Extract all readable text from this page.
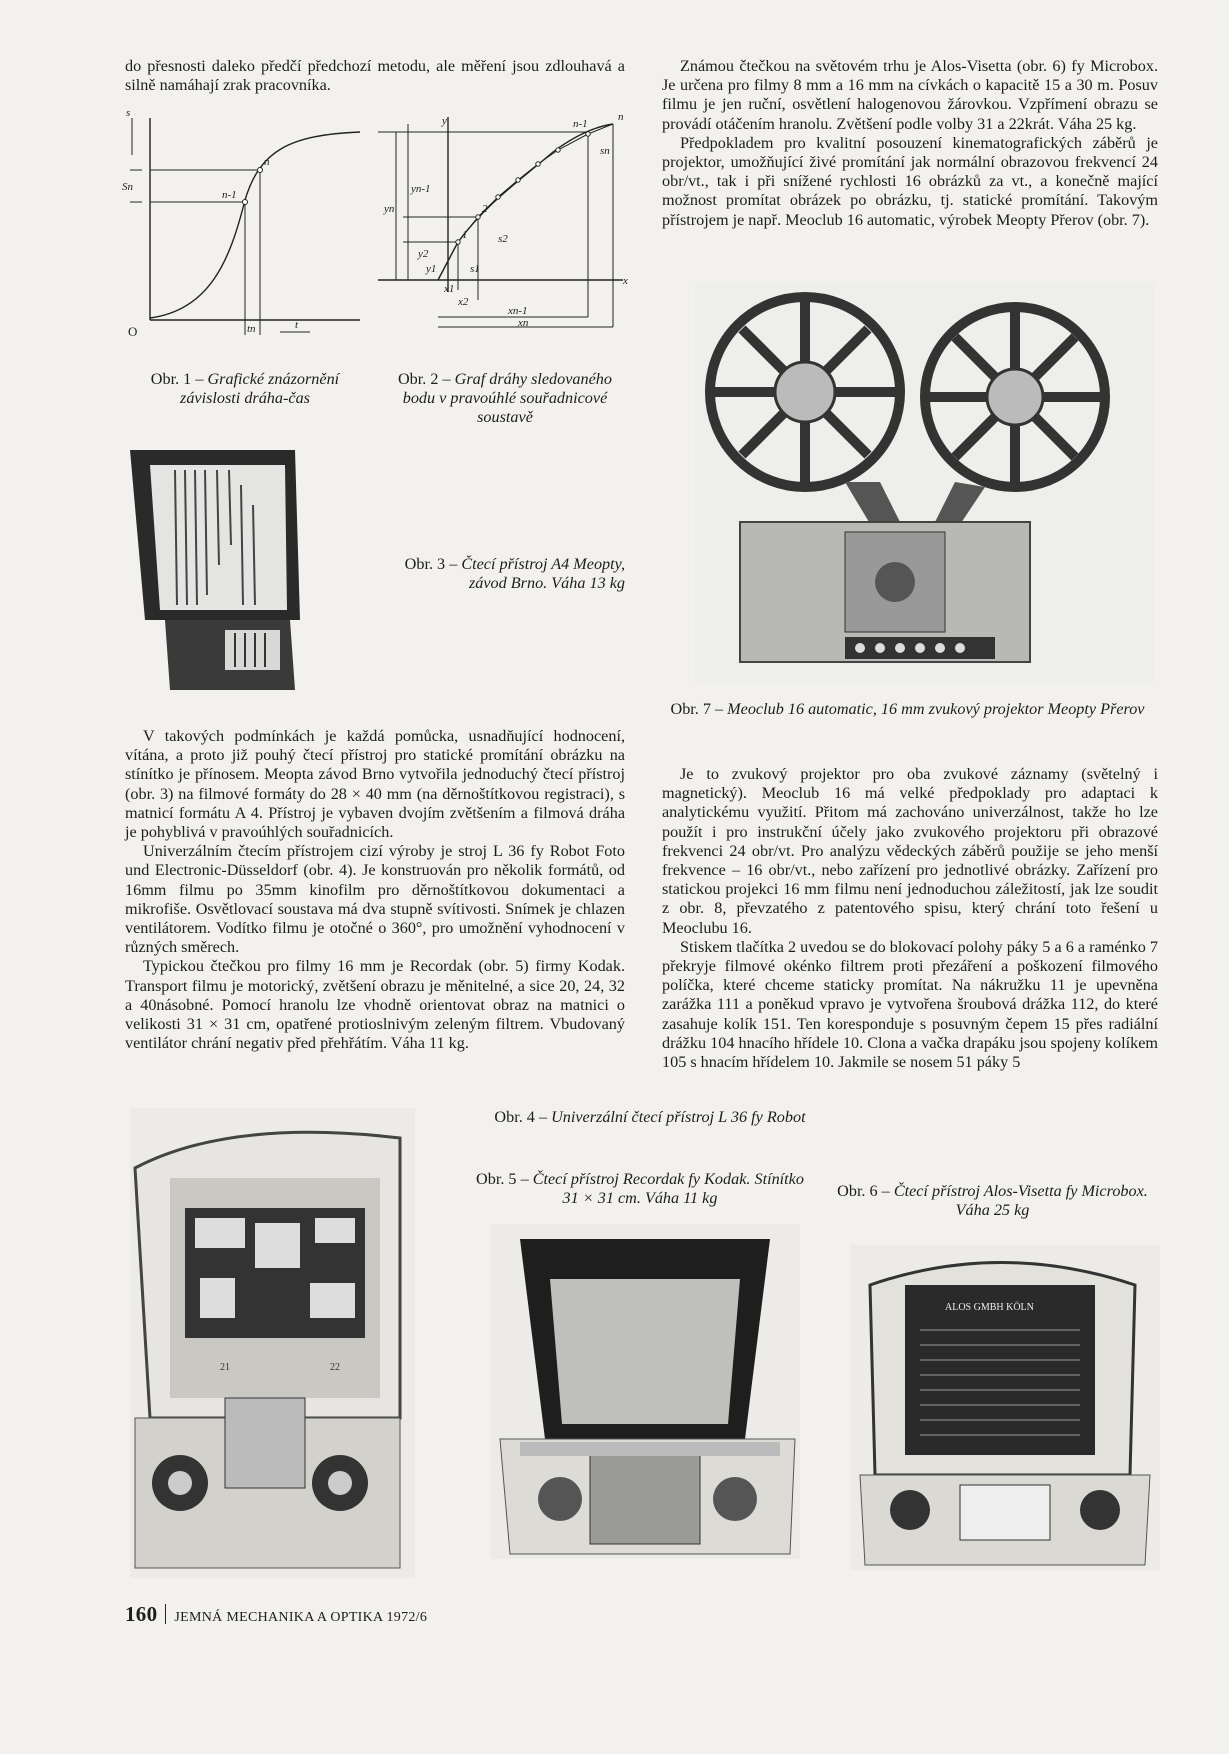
do přesnosti daleko předčí předchozí metodu, ale měření jsou zdlouhavá a silně namáhají zrak pracovníka.

Známou čtečkou na světovém trhu je Alos-Visetta (obr. 6) fy Microbox. Je určena pro filmy 8 mm a 16 mm na cívkách o kapacitě 15 a 30 m. Posuv filmu je jen ruční, osvětlení halogenovou žárovkou. Vzpřímení obrazu se provádí otáčením hranolu. Zvětšení podle volby 31 a 22krát. Váha 25 kg.

Předpokladem pro kvalitní posouzení kinematografických záběrů je projektor, umožňující živé promítání jak normální obrazovou frekvencí 24 obr/vt., tak i při snížené rychlosti 16 obrázků za vt., a konečně mající možnost promítat obrázek po obrázku, tj. statické promítání. Takovým přístrojem je např. Meoclub 16 automatic, výrobek Meopty Přerov (obr. 7).

s
Sn
n
n-1
O	t
tn
y
x
yn
yn-1
y2
y1
1
2
n-1
n
sn
s1
s2
x1
x2
xn-1
xn
Obr. 1 – Grafické znázornění závislosti dráha-čas
Obr. 2 – Graf dráhy sledovaného bodu v pravoúhlé souřadnicové soustavě
Obr. 3 – Čtecí přístroj A4 Meopty, závod Brno. Váha 13 kg
Obr. 7 – Meoclub 16 automatic, 16 mm zvukový projektor Meopty Přerov

V takových podmínkách je každá pomůcka, usnadňující hodnocení, vítána, a proto již pouhý čtecí přístroj pro statické promítání obrázku na stínítko je přínosem. Meopta závod Brno vytvořila jednoduchý čtecí přístroj (obr. 3) na filmové formáty do 28 × 40 mm (na děrnoštítkovou registraci), s matnicí formátu A 4. Přístroj je vybaven dvojím zvětšením a filmová dráha je pohyblivá v pravoúhlých souřadnicích.

Univerzálním čtecím přístrojem cizí výroby je stroj L 36 fy Robot Foto und Electronic-Düsseldorf (obr. 4). Je konstruován pro několik formátů, od 16mm filmu po 35mm kinofilm pro děrnoštítkovou dokumentaci a mikrofiše. Osvětlovací soustava má dva stupně svítivosti. Snímek je chlazen ventilátorem. Vodítko filmu je otočné o 360°, pro umožnění vyhodnocení v různých směrech.

Typickou čtečkou pro filmy 16 mm je Recordak (obr. 5) firmy Kodak. Transport filmu je motorický, zvětšení obrazu je měnitelné, a sice 20, 24, 32 a 40násobné. Pomocí hranolu lze vhodně orientovat obraz na matnici o velikosti 31 × 31 cm, opatřené protioslnivým zeleným filtrem. Vbudovaný ventilátor chrání negativ před přehřátím. Váha 11 kg.

Je to zvukový projektor pro oba zvukové záznamy (světelný i magnetický). Meoclub 16 má velké předpoklady pro adaptaci k analytickému využití. Přitom má zachováno univerzálnost, takže ho lze použít i pro instrukční účely jako zvukového projektoru při obrazové frekvenci 24 obr/vt. Pro analýzu vědeckých záběrů použije se jeho menší frekvence – 16 obr/vt., nebo zařízení pro jednotlivé obrázky. Zařízení pro statickou projekci 16 mm filmu není jednoduchou záležitostí, jak lze soudit z obr. 8, převzatého z patentového spisu, který chrání toto řešení u Meoclubu 16.

Stiskem tlačítka 2 uvedou se do blokovací polohy páky 5 a 6 a raménko 7 překryje filmové okénko filtrem proti přezáření a poškození filmového políčka, které chceme staticky promítat. Na nákružku 11 je upevněna zarážka 111 a poněkud vpravo je vytvořena šroubová drážka 112, do které zasahuje kolík 151. Ten koresponduje s posuvným čepem 15 přes radiální drážku 104 hnacího hřídele 10. Clona a vačka drapáku jsou spojeny kolíkem 105 s hnacím hřídelem 10. Jakmile se nosem 51 páky 5

21	22
Obr. 4 – Univerzální čtecí přístroj L 36 fy Robot
Obr. 5 – Čtecí přístroj Recordak fy Kodak. Stínítko 31 × 31 cm. Váha 11 kg	Obr. 6 – Čtecí přístroj Alos-Visetta fy Microbox. Váha 25 kg
ALOS GMBH KÖLN
160 JEMNÁ MECHANIKA A OPTIKA 1972/6
